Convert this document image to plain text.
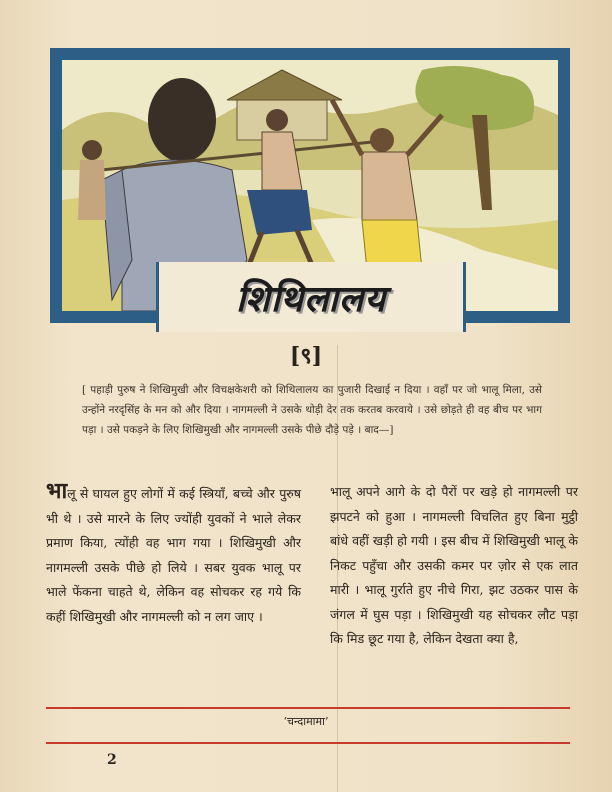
शिथिलालय
[९]
[ पहाड़ी पुरुष ने शिखिमुखी और विचक्षकेशरी को शिथिलालय का पुजारी दिखाई न दिया । वहाँ पर जो भालू मिला, उसे उन्होंने नरदृसिंह के मन को और दिया । नागमल्ली ने उसके थोड़ी देर तक करतब करवाये । उसे छोड़ते ही वह बीच पर भाग पड़ा । उसे पकड़ने के लिए शिखिमुखी और नागमल्ली उसके पीछे दौड़े पड़े । बाद—]
भालू से घायल हुए लोगों में कई स्त्रियाँ, बच्चे और पुरुष भी थे । उसे मारने के लिए ज्योंही युवकों ने भाले लेकर प्रमाण किया, त्योंही वह भाग गया । शिखिमुखी और नागमल्ली उसके पीछे हो लिये । सबर युवक भालू पर भाले फेंकना चाहते थे, लेकिन वह सोचकर रह गये कि कहीं शिखिमुखी और नागमल्ली को न लग जाए ।
भालू अपने आगे के दो पैरों पर खड़े हो नागमल्ली पर झपटने को हुआ । नागमल्ली विचलित हुए बिना मुट्ठी बांधे वहीं खड़ी हो गयी । इस बीच में शिखिमुखी भालू के निकट पहुँचा और उसकी कमर पर ज़ोर से एक लात मारी । भालू गुर्राते हुए नीचे गिरा, झट उठकर पास के जंगल में घुस पड़ा । शिखिमुखी यह सोचकर लौट पड़ा कि मिड छूट गया है, लेकिन देखता क्या है,
‘चन्दामामा’
2
